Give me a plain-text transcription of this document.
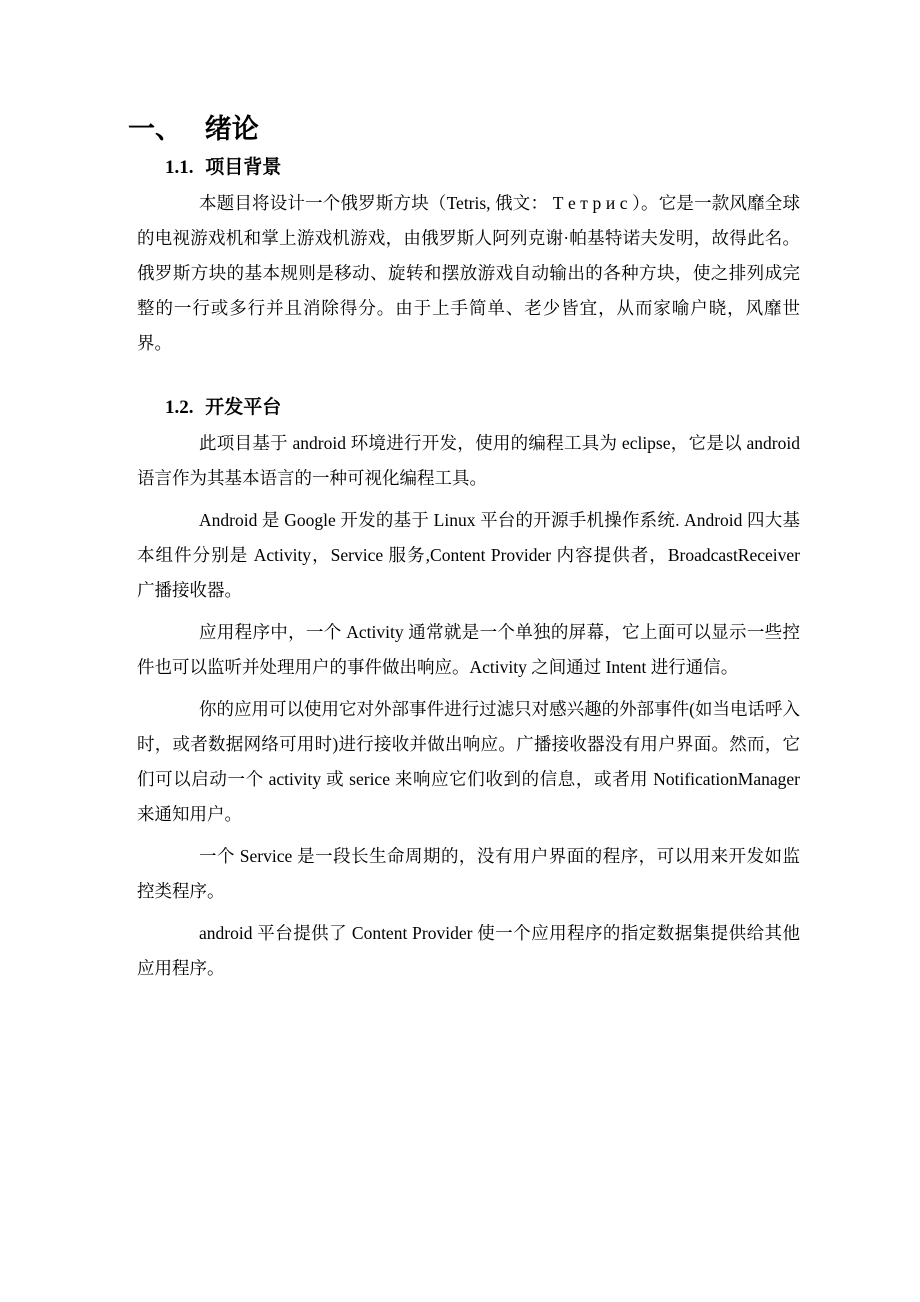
一、 绪论
1.1. 项目背景

本题目将设计一个俄罗斯方块（Tetris, 俄文： Т е т р и с ）。它是一款风靡全球的电视游戏机和掌上游戏机游戏，由俄罗斯人阿列克谢·帕基特诺夫发明，故得此名。俄罗斯方块的基本规则是移动、旋转和摆放游戏自动输出的各种方块，使之排列成完整的一行或多行并且消除得分。由于上手简单、老少皆宜，从而家喻户晓，风靡世界。

1.2. 开发平台

此项目基于 android 环境进行开发，使用的编程工具为 eclipse，它是以 android 语言作为其基本语言的一种可视化编程工具。

Android 是 Google 开发的基于 Linux 平台的开源手机操作系统. Android 四大基本组件分别是 Activity，Service 服务,Content Provider 内容提供者，BroadcastReceiver 广播接收器。

应用程序中，一个 Activity 通常就是一个单独的屏幕，它上面可以显示一些控件也可以监听并处理用户的事件做出响应。Activity 之间通过 Intent 进行通信。

你的应用可以使用它对外部事件进行过滤只对感兴趣的外部事件(如当电话呼入时，或者数据网络可用时)进行接收并做出响应。广播接收器没有用户界面。然而，它们可以启动一个 activity 或 serice 来响应它们收到的信息，或者用 NotificationManager 来通知用户。

一个 Service 是一段长生命周期的，没有用户界面的程序，可以用来开发如监控类程序。

android 平台提供了 Content Provider 使一个应用程序的指定数据集提供给其他应用程序。
